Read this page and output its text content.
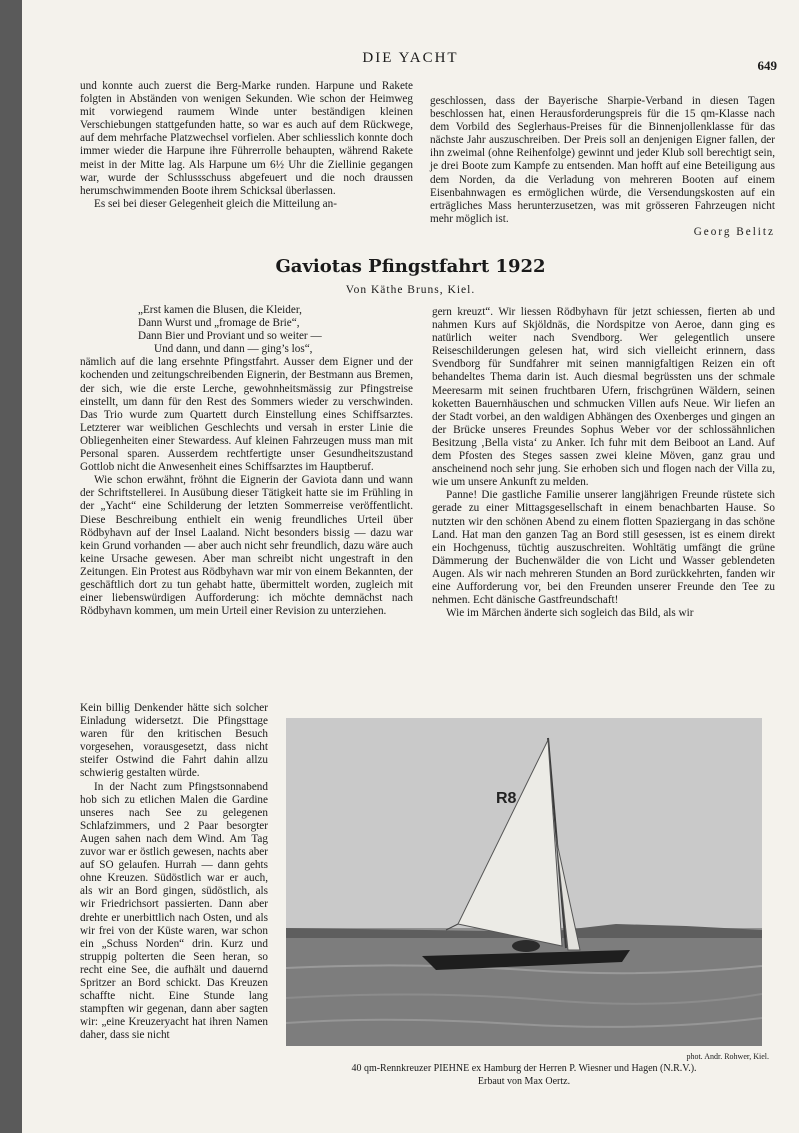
DIE YACHT	649

und konnte auch zuerst die Berg-Marke runden. Harpune und Rakete folgten in Abständen von wenigen Sekunden. Wie schon der Heimweg mit vorwiegend raumem Winde unter beständigen kleinen Verschiebungen stattgefunden hatte, so war es auch auf dem Rückwege, auf dem mehrfache Platzwechsel vorfielen. Aber schliesslich konnte doch immer wieder die Harpune ihre Führerrolle behaupten, während Rakete meist in der Mitte lag. Als Harpune um 6½ Uhr die Ziellinie gegangen war, wurde der Schlussschuss abgefeuert und die noch draussen herumschwimmenden Boote ihrem Schicksal überlassen.

Es sei bei dieser Gelegenheit gleich die Mitteilung an-

geschlossen, dass der Bayerische Sharpie-Verband in diesen Tagen beschlossen hat, einen Herausforderungspreis für die 15 qm-Klasse nach dem Vorbild des Seglerhaus-Preises für die Binnenjollenklasse für das nächste Jahr auszuschreiben. Der Preis soll an denjenigen Eigner fallen, der ihn zweimal (ohne Reihenfolge) gewinnt und jeder Klub soll berechtigt sein, je drei Boote zum Kampfe zu entsenden. Man hofft auf eine Beteiligung aus dem Norden, da die Verladung von mehreren Booten auf einem Eisenbahnwagen es ermöglichen würde, die Versendungskosten auf ein erträgliches Mass herunterzusetzen, was mit grösseren Fahrzeugen nicht mehr möglich ist.

Georg Belitz
Gaviotas Pfingstfahrt 1922
Von Käthe Bruns, Kiel.
„Erst kamen die Blusen, die Kleider,
Dann Wurst und „fromage de Brie“,
Dann Bier und Proviant und so weiter —
Und dann, und dann — ging’s los“,

nämlich auf die lang ersehnte Pfingstfahrt. Ausser dem Eigner und der kochenden und zeitungschreibenden Eignerin, der Bestmann aus Bremen, der sich, wie die erste Lerche, gewohnheitsmässig zur Pfingstreise einstellt, um dann für den Rest des Sommers wieder zu verschwinden. Das Trio wurde zum Quartett durch Einstellung eines Schiffsarztes. Letzterer war weiblichen Geschlechts und versah in erster Linie die Obliegenheiten einer Stewardess. Auf kleinen Fahrzeugen muss man mit Personal sparen. Ausserdem rechtfertigte unser Gesundheitszustand Gottlob nicht die Anwesenheit eines Schiffsarztes im Hauptberuf.

Wie schon erwähnt, fröhnt die Eignerin der Gaviota dann und wann der Schriftstellerei. In Ausübung dieser Tätigkeit hatte sie im Frühling in der „Yacht“ eine Schilderung der letzten Sommerreise veröffentlicht. Diese Beschreibung enthielt ein wenig freundliches Urteil über Rödbyhavn auf der Insel Laaland. Nicht besonders bissig — dazu war kein Grund vorhanden — aber auch nicht sehr freundlich, dazu wäre auch keine Ursache gewesen. Aber man schreibt nicht ungestraft in den Zeitungen. Ein Protest aus Rödbyhavn war mir von einem Bekannten, der geschäftlich dort zu tun gehabt hatte, übermittelt worden, zugleich mit einer liebenswürdigen Aufforderung: ich möchte demnächst nach Rödbyhavn kommen, um mein Urteil einer Revision zu unterziehen.

Kein billig Denkender hätte sich solcher Einladung widersetzt. Die Pfingsttage waren für den kritischen Besuch vorgesehen, vorausgesetzt, dass nicht steifer Ostwind die Fahrt dahin allzu schwierig gestalten würde.

In der Nacht zum Pfingstsonnabend hob sich zu etlichen Malen die Gardine unseres nach See zu gelegenen Schlafzimmers, und 2 Paar besorgter Augen sahen nach dem Wind. Am Tag zuvor war er östlich gewesen, nachts aber auf SO gelaufen. Hurrah — dann gehts ohne Kreuzen. Südöstlich war er auch, als wir an Bord gingen, südöstlich, als wir Friedrichsort passierten. Dann aber drehte er unerbittlich nach Osten, und als wir frei von der Küste waren, war schon ein „Schuss Norden“ drin. Kurz und struppig polterten die Seen heran, so recht eine See, die aufhält und dauernd Spritzer an Bord schickt. Das Kreuzen schaffte nicht. Eine Stunde lang stampften wir gegenan, dann aber sagten wir: „eine Kreuzeryacht hat ihren Namen daher, dass sie nicht

gern kreuzt“. Wir liessen Rödbyhavn für jetzt schiessen, fierten ab und nahmen Kurs auf Skjöldnäs, die Nordspitze von Aeroe, dann ging es natürlich weiter nach Svendborg. Wer gelegentlich unsere Reiseschilderungen gelesen hat, wird sich vielleicht erinnern, dass Svendborg für Sundfahrer mit seinen mannigfaltigen Reizen ein oft behandeltes Thema darin ist. Auch diesmal begrüssten uns der schmale Meeresarm mit seinen fruchtbaren Ufern, frischgrünen Wäldern, seinen koketten Bauernhäuschen und schmucken Villen aufs Neue. Wir liefen an der Stadt vorbei, an den waldigen Abhängen des Oxenberges und gingen an der Brücke unseres Freundes Sophus Weber vor der schlossähnlichen Besitzung ‚Bella vista‘ zu Anker. Ich fuhr mit dem Beiboot an Land. Auf dem Pfosten des Steges sassen zwei kleine Möven, ganz grau und anscheinend noch sehr jung. Sie erhoben sich und flogen nach der Villa zu, wie um unsere Ankunft zu melden.

Panne! Die gastliche Familie unserer langjährigen Freunde rüstete sich gerade zu einer Mittagsgesellschaft in einem benachbarten Hause. So nutzten wir den schönen Abend zu einem flotten Spaziergang in das schöne Land. Hat man den ganzen Tag an Bord still gesessen, ist es einem direkt ein Hochgenuss, tüchtig auszuschreiten. Wohltätig umfängt die grüne Dämmerung der Buchenwälder die von Licht und Wasser geblendeten Augen. Als wir nach mehreren Stunden an Bord zurückkehrten, fanden wir eine Aufforderung vor, bei den Freunden unserer Freunde den Tee zu nehmen. Echt dänische Gastfreundschaft!

Wie im Märchen änderte sich sogleich das Bild, als wir

R8
phot. Andr. Rohwer, Kiel.
40 qm-Rennkreuzer PIEHNE ex Hamburg der Herren P. Wiesner und Hagen (N.R.V.).
Erbaut von Max Oertz.
